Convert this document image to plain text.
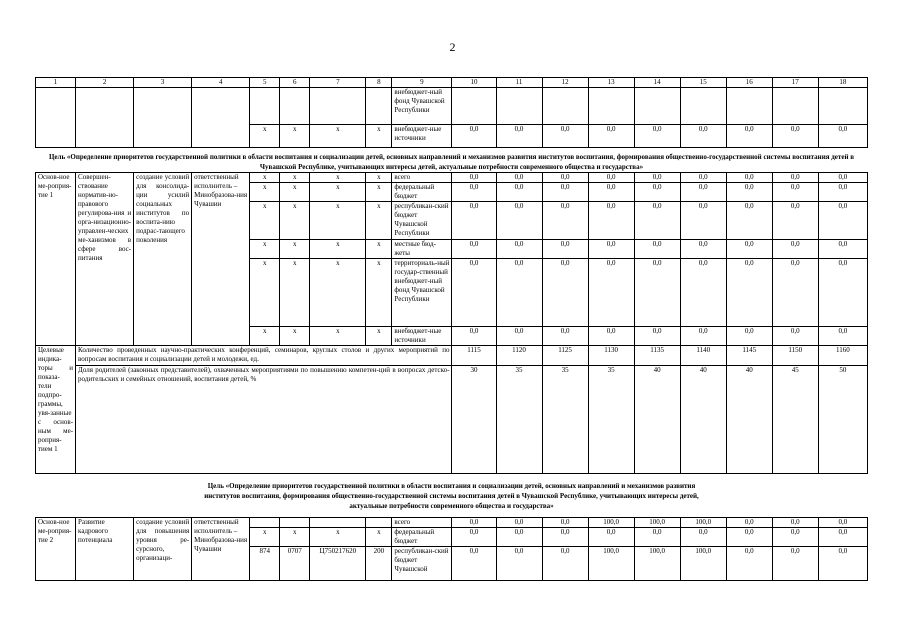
2
1	2	3	4	5	6	7	8	9	10	11	12	13	14	15	16	17	18
								внебюджет-ный фонд Чувашской Республики									
				x	x	x	x	внебюджет-ные источники	0,0	0,0	0,0	0,0	0,0	0,0	0,0	0,0	0,0

Основ-ное ме-роприя-тие 1	Совершен-ствование норматив-но-правового регулирова-ния и орга-низационно-управлен-ческих ме-ханизмов в сфере вос-питания	создание условий для консолида-ции усилий социальных институтов по воспита-нию подрас-тающего поколения	ответственный исполнитель – Минобразова-ния Чувашии	x	x	x	x	всего	0,0	0,0	0,0	0,0	0,0	0,0	0,0	0,0	0,0
				x	x	x	x	федеральный бюджет	0,0	0,0	0,0	0,0	0,0	0,0	0,0	0,0	0,0
				x	x	x	x	республикан-ский бюджет Чувашской Республики	0,0	0,0	0,0	0,0	0,0	0,0	0,0	0,0	0,0
				x	x	x	x	местные бюд-жеты	0,0	0,0	0,0	0,0	0,0	0,0	0,0	0,0	0,0
				x	x	x	x	территориаль-ный государ-ственный внебюджет-ный фонд Чувашской Республики	0,0	0,0	0,0	0,0	0,0	0,0	0,0	0,0	0,0
				x	x	x	x	внебюджет-ные источники	0,0	0,0	0,0	0,0	0,0	0,0	0,0	0,0	0,0
Целевые индика-торы и показа-тели подпро-граммы, увя-занные с основ-ным ме-роприя-тием 1	Количество проведенных научно-практических конференций, семинаров, круглых столов и других мероприятий по вопросам воспитания и социализации детей и молодежи, ед.								1115	1120	1125	1130	1135	1140	1145	1150	1160
	Доля родителей (законных представителей), охваченных мероприятиями по повышению компетен-ций в вопросах детско-родительских и семейных отношений, воспитания детей, %								30	35	35	35	40	40	40	45	50
Цель «Определение приоритетов государственной политики в области воспитания и социализации детей, основных направлений и механизмов развития институтов воспитания, формирования общественно-государственной системы воспитания детей в Чувашской Республике, учитывающих интересы детей, актуальные потребности современного общества и государства»
Цель «Определение приоритетов государственной политики в области воспитания и социализации детей, основных направлений и механизмов развития
институтов воспитания, формирования общественно-государственной системы воспитания детей в Чувашской Республике, учитывающих интересы детей,
актуальные потребности современного общества и государства»
Основ-ное ме-роприя-тие 2	Развитие кадрового потенциала	создание условий для повышения уровня ре-сурсного, организаци-	ответственный исполнитель – Минобразова-ния Чувашии					всего	0,0	0,0	0,0	100,0	100,0	100,0	0,0	0,0	0,0
				x	x	x	x	федеральный бюджет	0,0	0,0	0,0	0,0	0,0	0,0	0,0	0,0	0,0
				874	0707	Ц750217620	200	республикан-ский бюджет Чувашской	0,0	0,0	0,0	100,0	100,0	100,0	0,0	0,0	0,0
